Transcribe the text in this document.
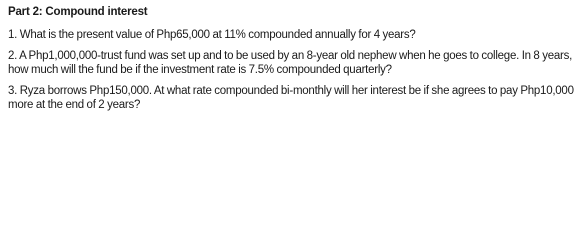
Part 2: Compound interest
1. What is the present value of Php65,000 at 11% compounded annually for 4 years?
2. A Php1,000,000-trust fund was set up and to be used by an 8-year old nephew when he goes to college. In 8 years, how much will the fund be if the investment rate is 7.5% compounded quarterly?
3. Ryza borrows Php150,000. At what rate compounded bi-monthly will her interest be if she agrees to pay Php10,000 more at the end of 2 years?
